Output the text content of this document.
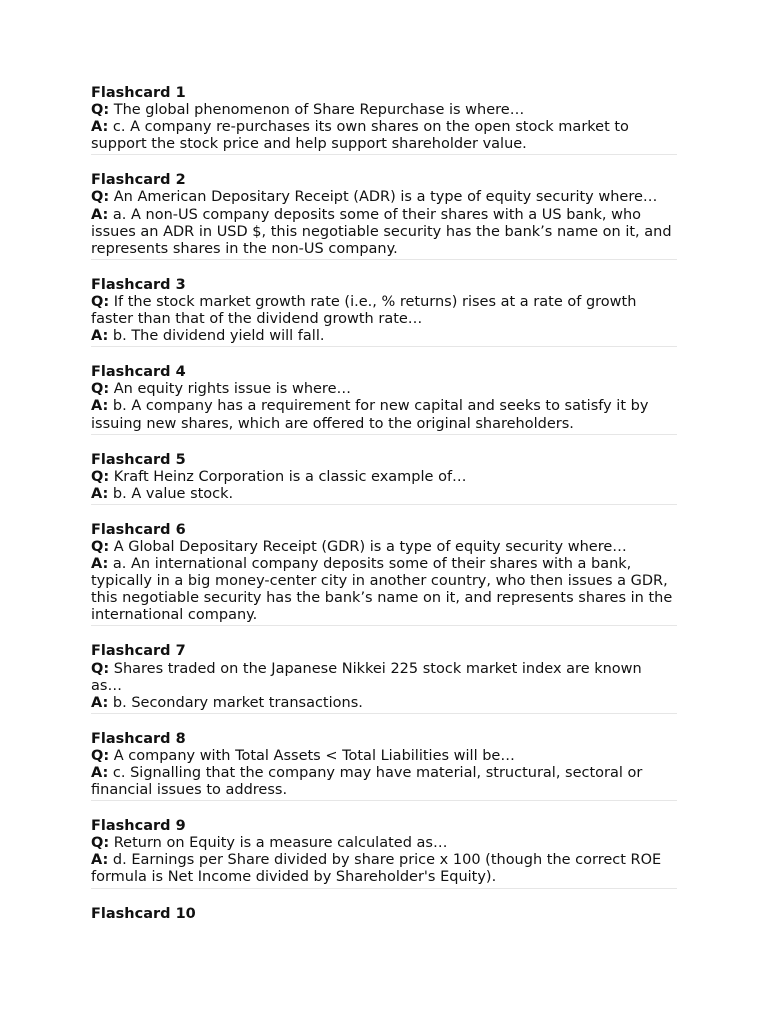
Flashcard 1
Q: The global phenomenon of Share Repurchase is where…
A: c. A company re-purchases its own shares on the open stock market to support the stock price and help support shareholder value.
Flashcard 2
Q: An American Depositary Receipt (ADR) is a type of equity security where…
A: a. A non-US company deposits some of their shares with a US bank, who issues an ADR in USD $, this negotiable security has the bank’s name on it, and represents shares in the non-US company.
Flashcard 3
Q: If the stock market growth rate (i.e., % returns) rises at a rate of growth faster than that of the dividend growth rate…
A: b. The dividend yield will fall.
Flashcard 4
Q: An equity rights issue is where…
A: b. A company has a requirement for new capital and seeks to satisfy it by issuing new shares, which are offered to the original shareholders.
Flashcard 5
Q: Kraft Heinz Corporation is a classic example of…
A: b. A value stock.
Flashcard 6
Q: A Global Depositary Receipt (GDR) is a type of equity security where…
A: a. An international company deposits some of their shares with a bank, typically in a big money-center city in another country, who then issues a GDR, this negotiable security has the bank’s name on it, and represents shares in the international company.
Flashcard 7
Q: Shares traded on the Japanese Nikkei 225 stock market index are known as…
A: b. Secondary market transactions.
Flashcard 8
Q: A company with Total Assets < Total Liabilities will be…
A: c. Signalling that the company may have material, structural, sectoral or financial issues to address.
Flashcard 9
Q: Return on Equity is a measure calculated as…
A: d. Earnings per Share divided by share price x 100 (though the correct ROE formula is Net Income divided by Shareholder's Equity).
Flashcard 10
